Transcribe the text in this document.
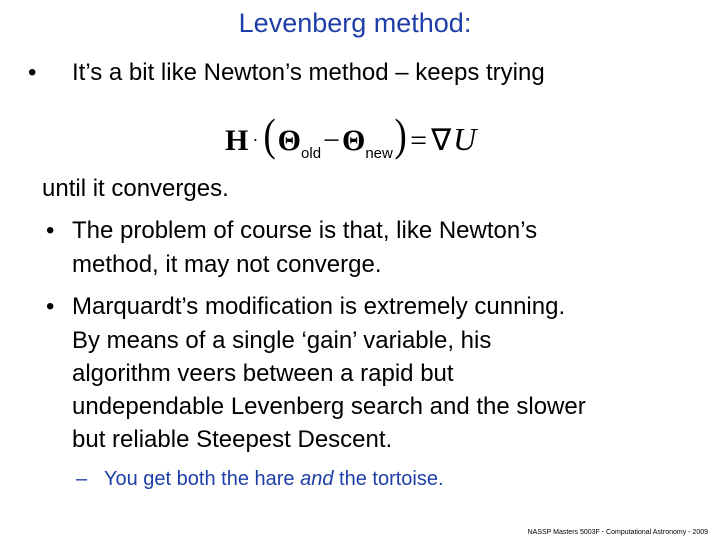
Levenberg method:
• It’s a bit like Newton’s method – keeps trying
H · (Θold−Θnew) = ∇U
until it converges.
• The problem of course is that, like Newton’s
method, it may not converge.
• Marquardt’s modification is extremely cunning.
By means of a single ‘gain’ variable, his
algorithm veers between a rapid but
undependable Levenberg search and the slower
but reliable Steepest Descent.
– You get both the hare and the tortoise.
NASSP Masters 5003F - Computational Astronomy - 2009
